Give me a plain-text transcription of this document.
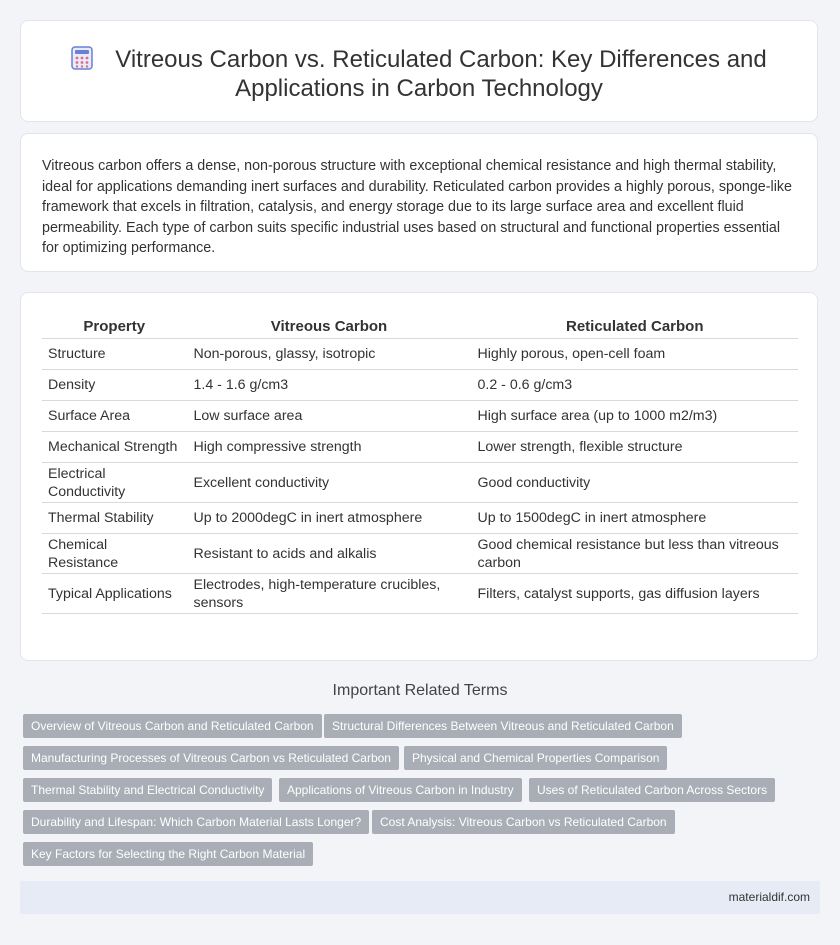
Vitreous Carbon vs. Reticulated Carbon: Key Differences and Applications in Carbon Technology
Vitreous carbon offers a dense, non-porous structure with exceptional chemical resistance and high thermal stability, ideal for applications demanding inert surfaces and durability. Reticulated carbon provides a highly porous, sponge-like framework that excels in filtration, catalysis, and energy storage due to its large surface area and excellent fluid permeability. Each type of carbon suits specific industrial uses based on structural and functional properties essential for optimizing performance.
Property	Vitreous Carbon	Reticulated Carbon
Structure	Non-porous, glassy, isotropic	Highly porous, open-cell foam
Density	1.4 - 1.6 g/cm3	0.2 - 0.6 g/cm3
Surface Area	Low surface area	High surface area (up to 1000 m2/m3)
Mechanical Strength	High compressive strength	Lower strength, flexible structure
Electrical Conductivity	Excellent conductivity	Good conductivity
Thermal Stability	Up to 2000degC in inert atmosphere	Up to 1500degC in inert atmosphere
Chemical Resistance	Resistant to acids and alkalis	Good chemical resistance but less than vitreous carbon
Typical Applications	Electrodes, high-temperature crucibles, sensors	Filters, catalyst supports, gas diffusion layers
Important Related Terms
Overview of Vitreous Carbon and Reticulated Carbon	Structural Differences Between Vitreous and Reticulated Carbon
Manufacturing Processes of Vitreous Carbon vs Reticulated Carbon	Physical and Chemical Properties Comparison
Thermal Stability and Electrical Conductivity	Applications of Vitreous Carbon in Industry	Uses of Reticulated Carbon Across Sectors
Durability and Lifespan: Which Carbon Material Lasts Longer?	Cost Analysis: Vitreous Carbon vs Reticulated Carbon
Key Factors for Selecting the Right Carbon Material
materialdif.com
